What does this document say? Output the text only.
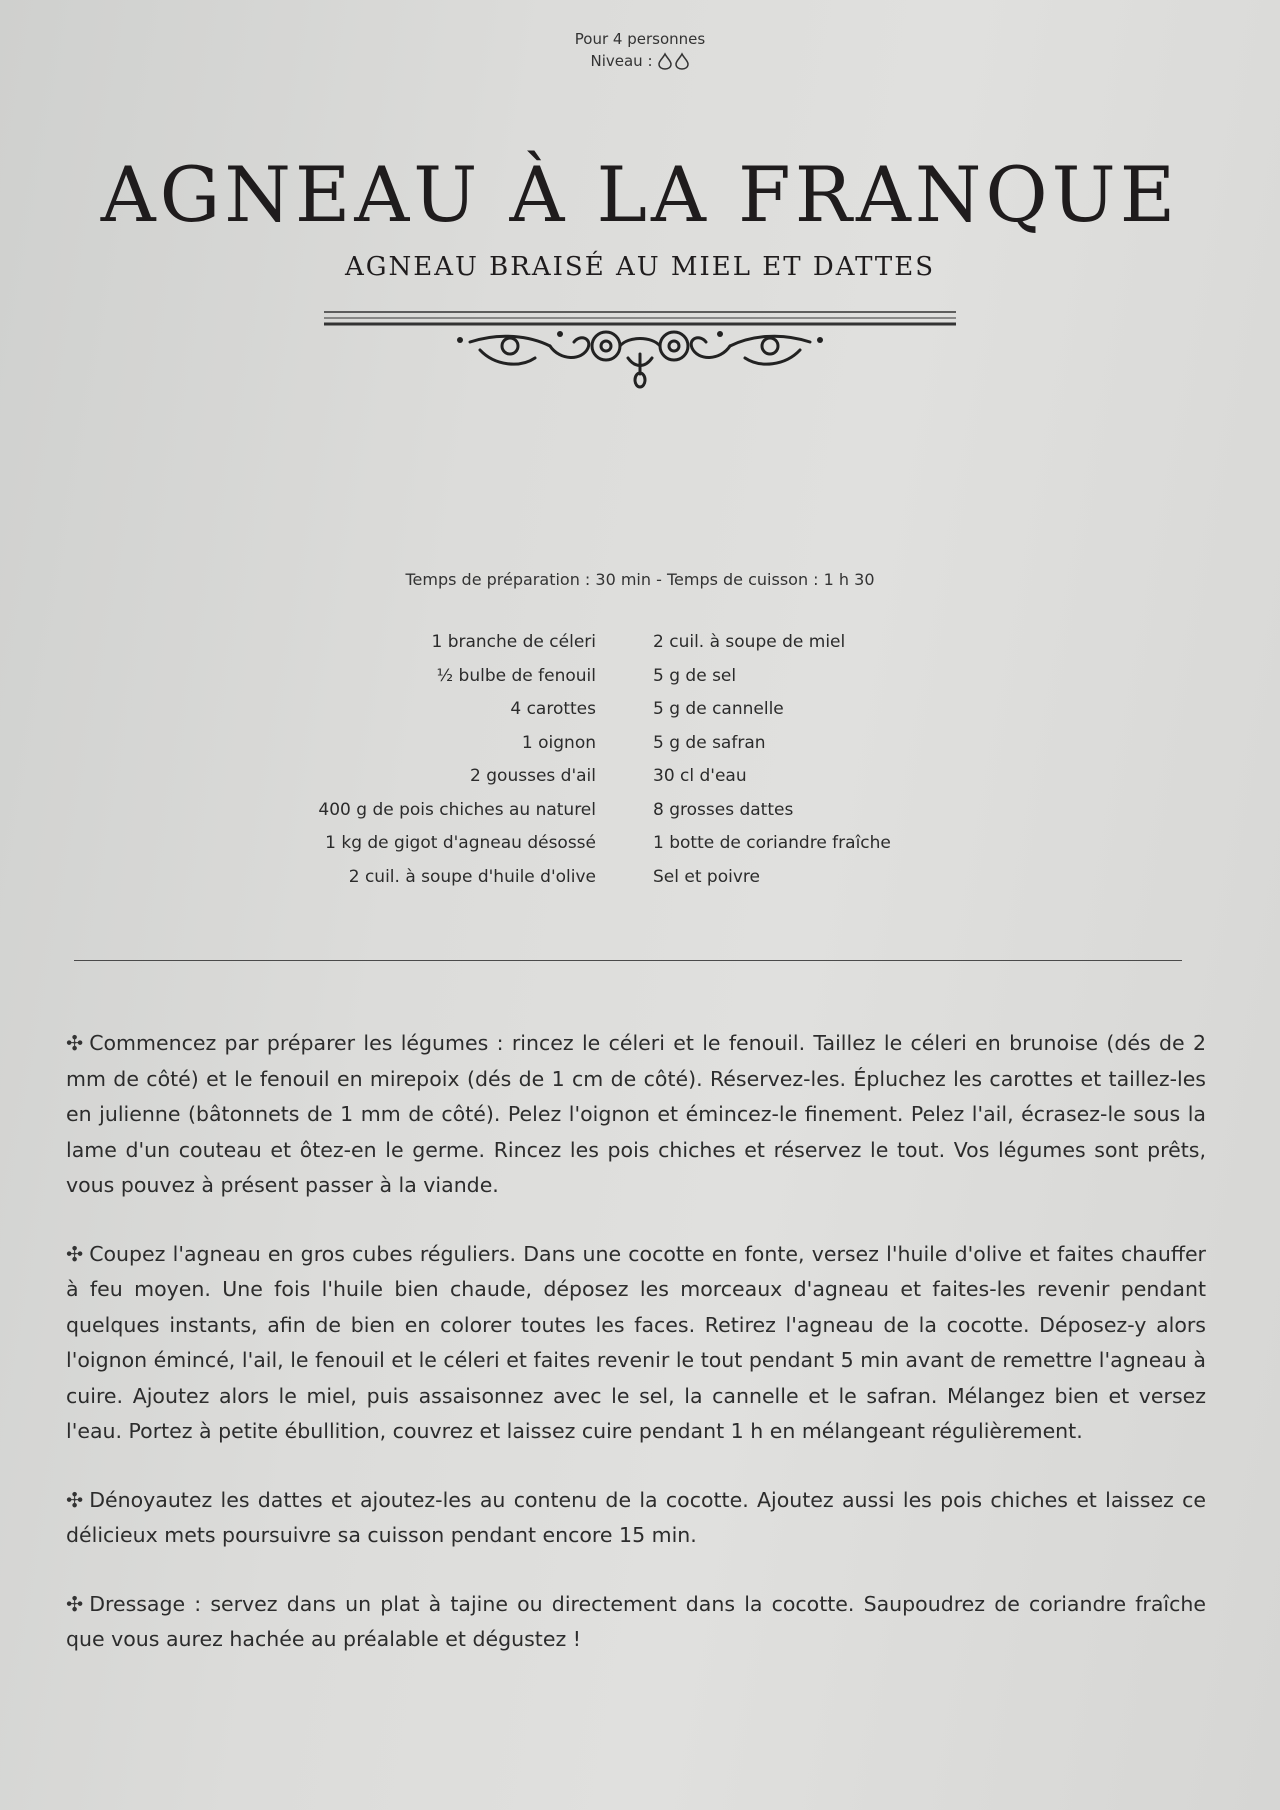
Pour 4 personnes
Niveau :
AGNEAU À LA FRANQUE
AGNEAU BRAISÉ AU MIEL ET DATTES
Temps de préparation : 30 min - Temps de cuisson : 1 h 30
1 branche de céleri
½ bulbe de fenouil
4 carottes
1 oignon
2 gousses d'ail
400 g de pois chiches au naturel
1 kg de gigot d'agneau désossé
2 cuil. à soupe d'huile d'olive
2 cuil. à soupe de miel
5 g de sel
5 g de cannelle
5 g de safran
30 cl d'eau
8 grosses dattes
1 botte de coriandre fraîche
Sel et poivre

✣ Commencez par préparer les légumes : rincez le céleri et le fenouil. Taillez le céleri en brunoise (dés de 2 mm de côté) et le fenouil en mirepoix (dés de 1 cm de côté). Réservez-les. Épluchez les carottes et taillez-les en julienne (bâtonnets de 1 mm de côté). Pelez l'oignon et émincez-le finement. Pelez l'ail, écrasez-le sous la lame d'un couteau et ôtez-en le germe. Rincez les pois chiches et réservez le tout. Vos légumes sont prêts, vous pouvez à présent passer à la viande.

✣ Coupez l'agneau en gros cubes réguliers. Dans une cocotte en fonte, versez l'huile d'olive et faites chauffer à feu moyen. Une fois l'huile bien chaude, déposez les morceaux d'agneau et faites-les revenir pendant quelques instants, afin de bien en colorer toutes les faces. Retirez l'agneau de la cocotte. Déposez-y alors l'oignon émincé, l'ail, le fenouil et le céleri et faites revenir le tout pendant 5 min avant de remettre l'agneau à cuire. Ajoutez alors le miel, puis assaisonnez avec le sel, la cannelle et le safran. Mélangez bien et versez l'eau. Portez à petite ébullition, couvrez et laissez cuire pendant 1 h en mélangeant régulièrement.

✣ Dénoyautez les dattes et ajoutez-les au contenu de la cocotte. Ajoutez aussi les pois chiches et laissez ce délicieux mets poursuivre sa cuisson pendant encore 15 min.

✣ Dressage : servez dans un plat à tajine ou directement dans la cocotte. Saupoudrez de coriandre fraîche que vous aurez hachée au préalable et dégustez !
